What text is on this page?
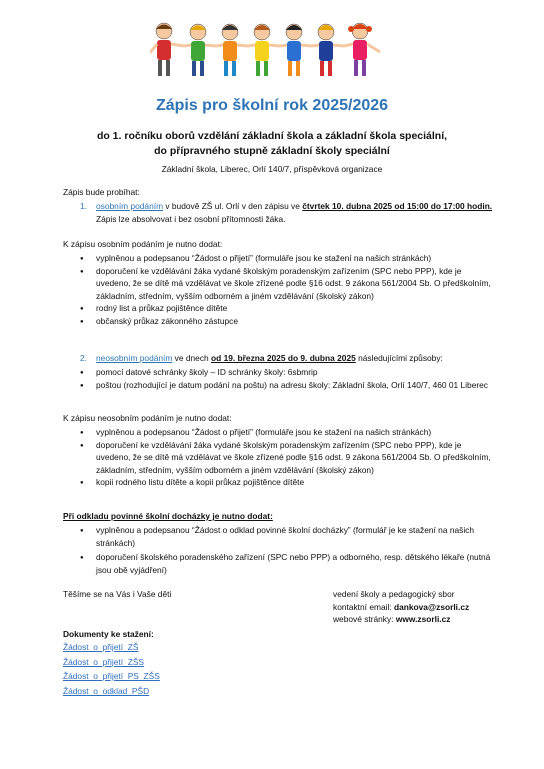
Zápis pro školní rok 2025/2026
do 1. ročníku oborů vzdělání základní škola a základní škola speciální,
do přípravného stupně základní školy speciální
Základní škola, Liberec, Orlí 140/7, příspěvková organizace
Zápis bude probíhat:
1.	osobním podáním v budově ZŠ ul. Orlí v den zápisu ve čtvrtek 10. dubna 2025 od 15:00 do 17:00 hodin. Zápis lze absolvovat i bez osobní přítomnosti žáka.
K zápisu osobním podáním je nutno dodat:
● vyplněnou a podepsanou “Žádost o přijetí” (formuláře jsou ke stažení na našich stránkách)
● doporučení ke vzdělávání žáka vydané školským poradenským zařízením (SPC nebo PPP), kde je uvedeno, že se dítě má vzdělávat ve škole zřízené podle §16 odst. 9 zákona 561/2004 Sb. O předškolním, základním, středním, vyšším odborném a jiném vzdělávání (školský zákon)
● rodný list a průkaz pojištěnce dítěte
● občanský průkaz zákonného zástupce
2.	neosobním podáním ve dnech od 19. března 2025 do 9. dubna 2025 následujícími způsoby:
● pomocí datové schránky školy – ID schránky školy: 6sbmrip
● poštou (rozhodující je datum podání na poštu) na adresu školy: Základní škola, Orlí 140/7, 460 01 Liberec
K zápisu neosobním podáním je nutno dodat:
● vyplněnou a podepsanou “Žádost o přijetí” (formuláře jsou ke stažení na našich stránkách)
● doporučení ke vzdělávání žáka vydané školským poradenským zařízením (SPC nebo PPP), kde je uvedeno, že se dítě má vzdělávat ve škole zřízené podle §16 odst. 9 zákona 561/2004 Sb. O předškolním, základním, středním, vyšším odborném a jiném vzdělávání (školský zákon)
● kopii rodného listu dítěte a kopii průkaz pojištěnce dítěte
Při odkladu povinné školní docházky je nutno dodat:
● vyplněnou a podepsanou “Žádost o odklad povinné školní docházky” (formulář je ke stažení na našich stránkách)
● doporučení školského poradenského zařízení (SPC nebo PPP) a odborného, resp. dětského lékaře (nutná jsou obě vyjádření)
Těšíme se na Vás i Vaše děti	vedení školy a pedagogický sbor
kontaktní email: dankova@zsorli.cz
webové stránky: www.zsorli.cz
Dokumenty ke stažení:
Žádost_o_přijetí_ZŠ
Žádost_o_přijetí_ZŠS
Žádost_o_přijetí_PS_ZŠS
Žádost_o_odklad_PŠD
